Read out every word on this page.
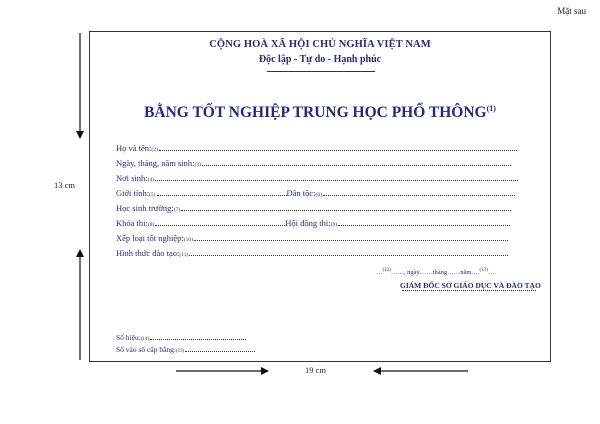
Mặt sau
13 cm
19 cm
CỘNG HOÀ XÃ HỘI CHỦ NGHĨA VIỆT NAM
Độc lập - Tự do - Hạnh phúc
BẰNG TỐT NGHIỆP TRUNG HỌC PHỔ THÔNG$^{(1)}$
Họ và $tên:_{(2)}$
Ngày, tháng, năm $\sinh:_{(3)}$
Nơi $\sinh:_{(4)}$
Giới $tính:_{(5)}$	Dân $tộc:_{(6)}$
Học $\sinh trường:_{(7)}$
Khóa $thi:_{(8)}$	Hội đồng $thi:_{(9)}$
Xếp loại tốt $nghiệp:_{(10)}$
Hình thức đào $tạo:_{(11)}$
…$^{(12)}$……, ngày……tháng……năm….$^{(13)}$….
GIÁM ĐỐC SỞ GIÁO DỤC VÀ ĐÀO TẠO
Số $hiệu:_{(14)}$
Số vào sổ cấp $bằng:_{(15)}$
